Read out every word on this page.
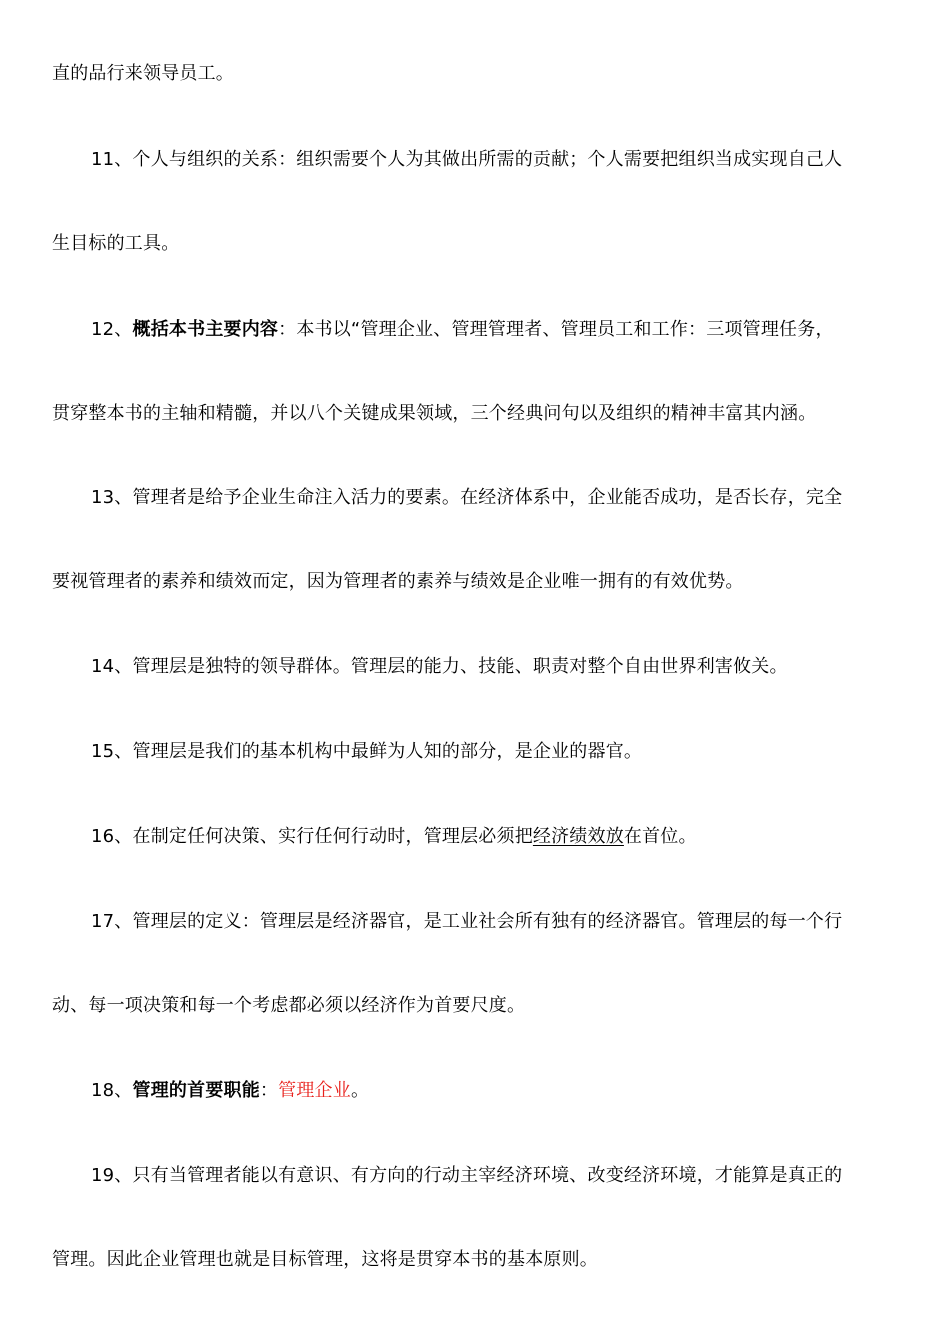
直的品行来领导员工。
11、个人与组织的关系：组织需要个人为其做出所需的贡献；个人需要把组织当成实现自己人
生目标的工具。
12、概括本书主要内容：本书以“管理企业、管理管理者、管理员工和工作：三项管理任务，
贯穿整本书的主轴和精髓，并以八个关键成果领域，三个经典问句以及组织的精神丰富其内涵。
13、管理者是给予企业生命注入活力的要素。在经济体系中，企业能否成功，是否长存，完全
要视管理者的素养和绩效而定，因为管理者的素养与绩效是企业唯一拥有的有效优势。
14、管理层是独特的领导群体。管理层的能力、技能、职责对整个自由世界利害攸关。
15、管理层是我们的基本机构中最鲜为人知的部分，是企业的器官。
16、在制定任何决策、实行任何行动时，管理层必须把经济绩效放在首位。
17、管理层的定义：管理层是经济器官，是工业社会所有独有的经济器官。管理层的每一个行
动、每一项决策和每一个考虑都必须以经济作为首要尺度。
18、管理的首要职能：管理企业。
19、只有当管理者能以有意识、有方向的行动主宰经济环境、改变经济环境，才能算是真正的
管理。因此企业管理也就是目标管理，这将是贯穿本书的基本原则。
